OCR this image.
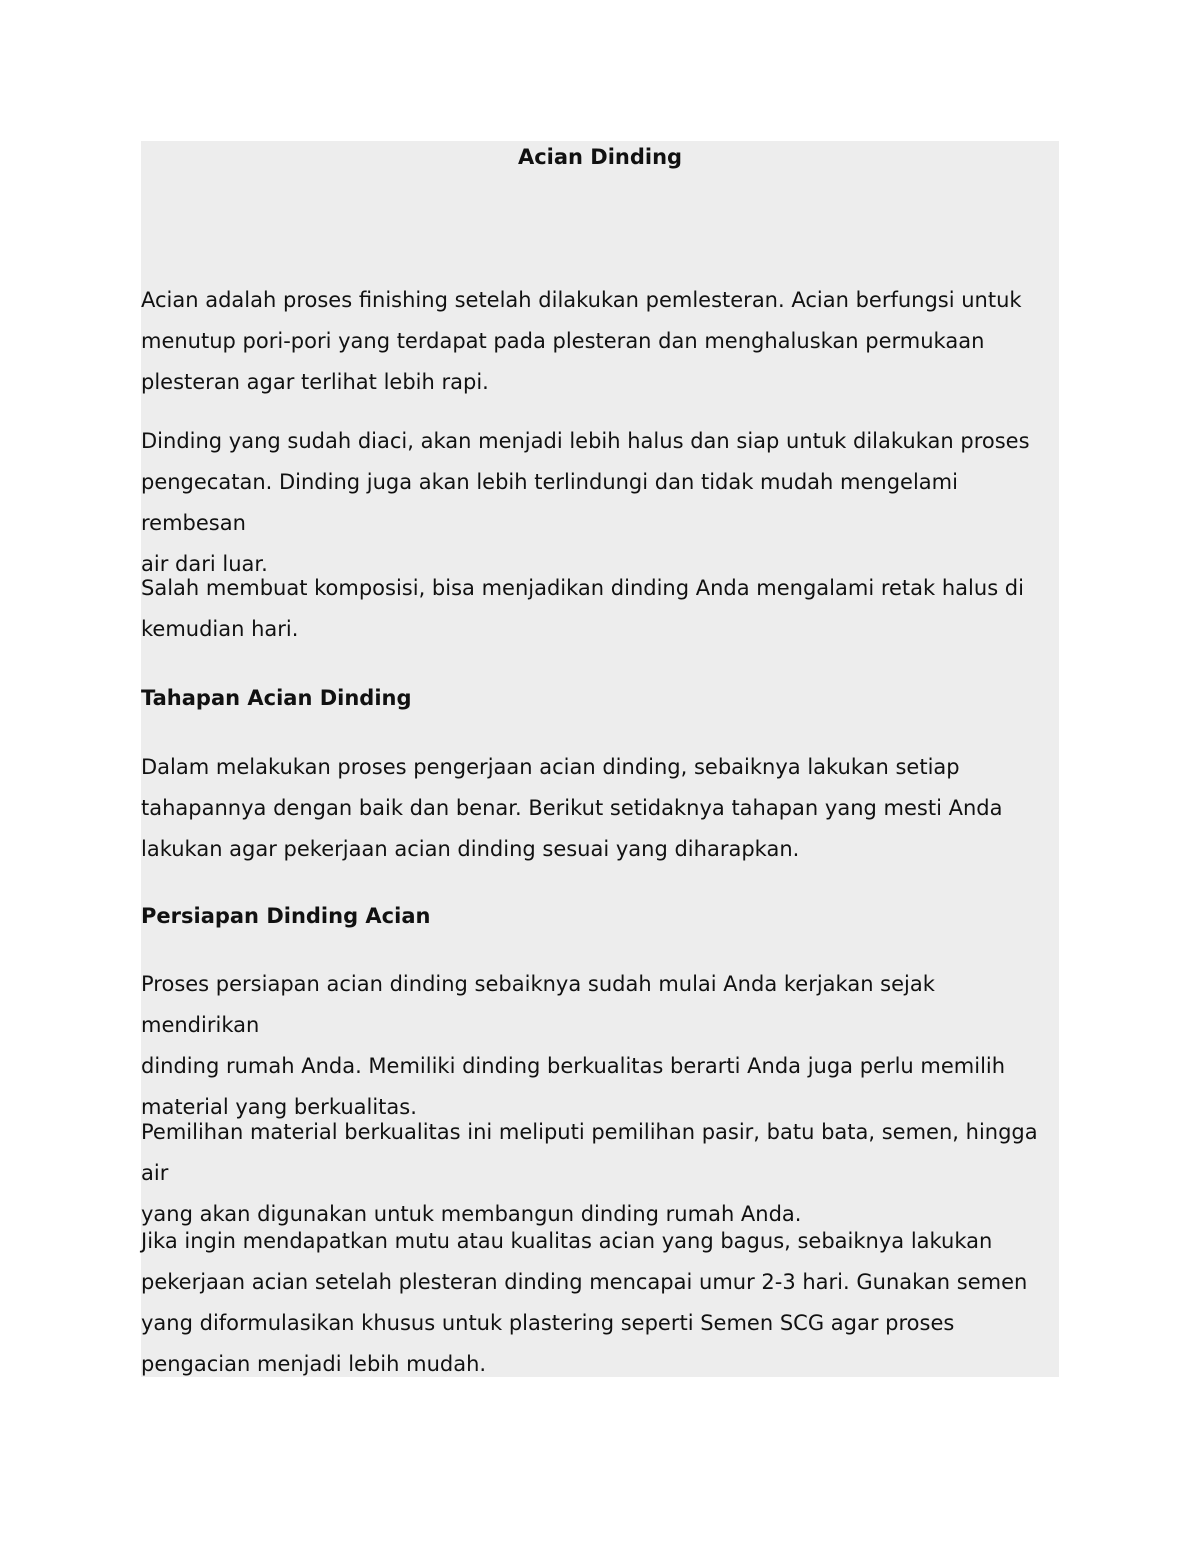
Acian Dinding

Acian adalah proses finishing setelah dilakukan pemlesteran. Acian berfungsi untuk
menutup pori-pori yang terdapat pada plesteran dan menghaluskan permukaan
plesteran agar terlihat lebih rapi.

Dinding yang sudah diaci, akan menjadi lebih halus dan siap untuk dilakukan proses
pengecatan. Dinding juga akan lebih terlindungi dan tidak mudah mengelami rembesan
air dari luar.

Salah membuat komposisi, bisa menjadikan dinding Anda mengalami retak halus di
kemudian hari.

Tahapan Acian Dinding

Dalam melakukan proses pengerjaan acian dinding, sebaiknya lakukan setiap
tahapannya dengan baik dan benar. Berikut setidaknya tahapan yang mesti Anda
lakukan agar pekerjaan acian dinding sesuai yang diharapkan.

Persiapan Dinding Acian

Proses persiapan acian dinding sebaiknya sudah mulai Anda kerjakan sejak mendirikan
dinding rumah Anda. Memiliki dinding berkualitas berarti Anda juga perlu memilih
material yang berkualitas.

Pemilihan material berkualitas ini meliputi pemilihan pasir, batu bata, semen, hingga air
yang akan digunakan untuk membangun dinding rumah Anda.

Jika ingin mendapatkan mutu atau kualitas acian yang bagus, sebaiknya lakukan
pekerjaan acian setelah plesteran dinding mencapai umur 2-3 hari. Gunakan semen
yang diformulasikan khusus untuk plastering seperti Semen SCG agar proses
pengacian menjadi lebih mudah.
